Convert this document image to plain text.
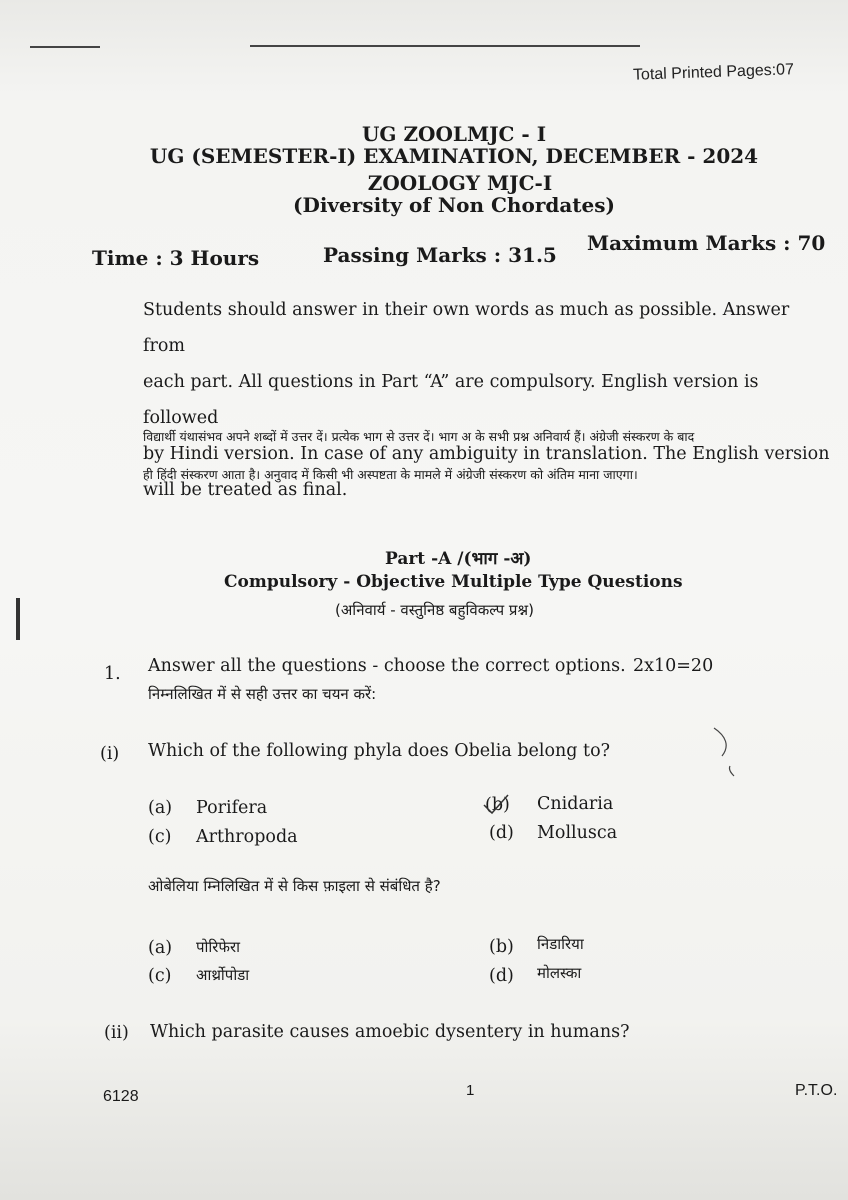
Total Printed Pages:07
UG ZOOLMJC - I
UG (SEMESTER-I) EXAMINATION, DECEMBER - 2024
ZOOLOGY MJC-I
(Diversity of Non Chordates)
Time : 3 Hours	Passing Marks : 31.5 Maximum Marks : 70
Students should answer in their own words as much as possible. Answer from
each part. All questions in Part “A” are compulsory. English version is followed
by Hindi version. In case of any ambiguity in translation. The English version
will be treated as final.
विद्यार्थी यंथासंभव अपने शब्दों में उत्तर दें। प्रत्येक भाग से उत्तर दें। भाग अ के सभी प्रश्न अनिवार्य हैं। अंग्रेजी संस्करण के बाद
ही हिंदी संस्करण आता है। अनुवाद में किसी भी अस्पष्टता के मामले में अंग्रेजी संस्करण को अंतिम माना जाएगा।
Part -A /(भाग -अ)
Compulsory - Objective Multiple Type Questions
(अनिवार्य - वस्तुनिष्ठ बहुविकल्प प्रश्न)
1. Answer all the questions - choose the correct options. 2x10=20
निम्नलिखित में से सही उत्तर का चयन करें:
(i) Which of the following phyla does Obelia belong to?
(a) Porifera	(b) Cnidaria
(c) Arthropoda	(d) Mollusca
ओबेलिया म्निलिखित में से किस फ़ाइला से संबंधित है?
(a) पोरिफेरा	(b) निडारिया
(c) आर्थ्रोपोडा	(d) मोलस्का
(ii) Which parasite causes amoebic dysentery in humans?
6128	1	P.T.O.
